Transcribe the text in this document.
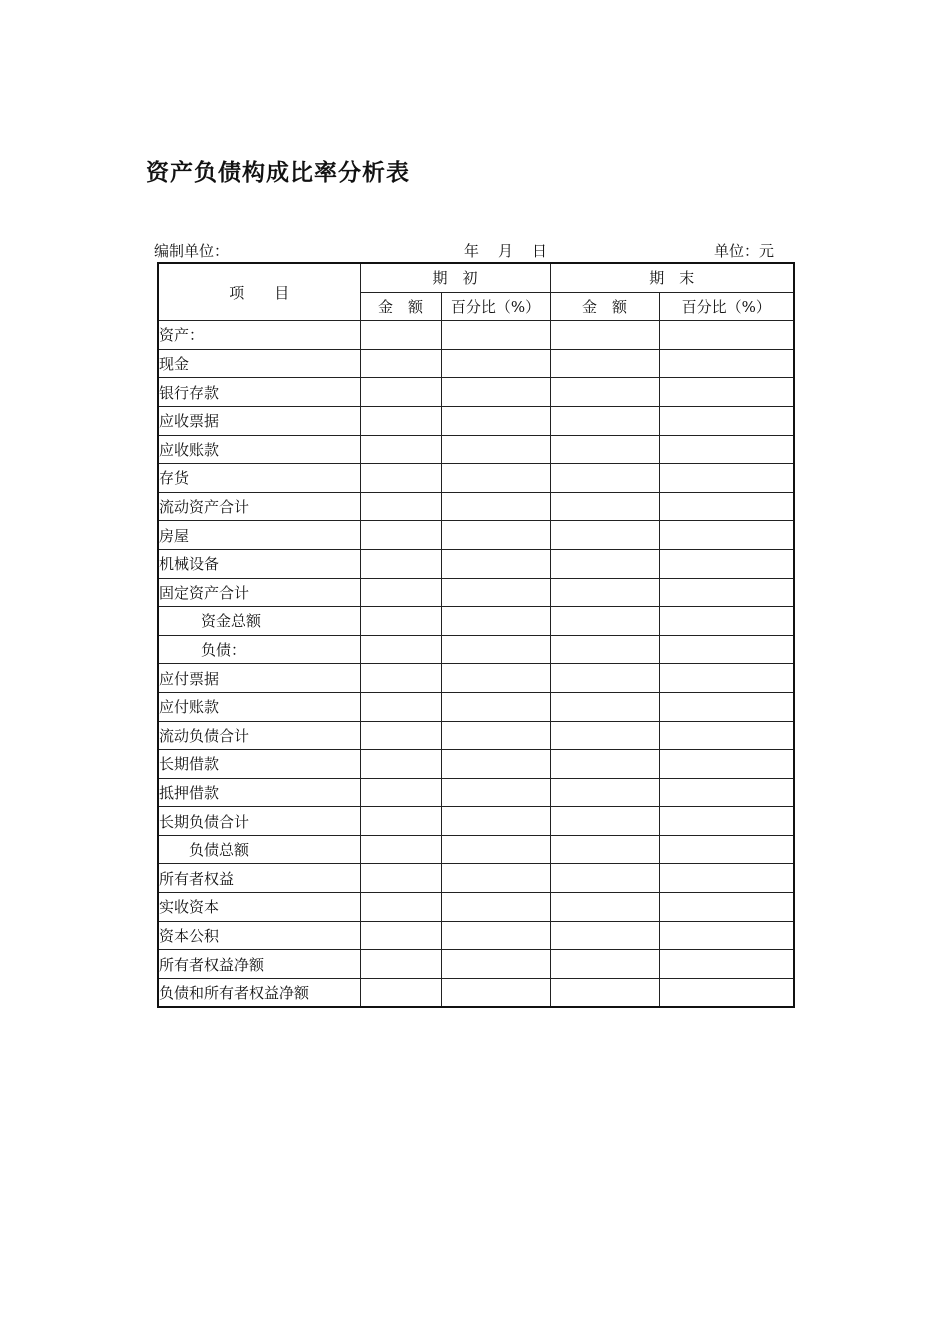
资产负债构成比率分析表
编制单位：	年 月 日	单位：元
项　　目	期　初		期　末	
	金　额	百分比（%）	金　额	百分比（%）
资产：				
现金				
银行存款				
应收票据				
应收账款				
存货				
流动资产合计				
房屋				
机械设备				
固定资产合计				
资金总额				
负债：				
应付票据				
应付账款				
流动负债合计				
长期借款				
抵押借款				
长期负债合计				
负债总额				
所有者权益				
实收资本				
资本公积				
所有者权益净额				
负债和所有者权益净额				
